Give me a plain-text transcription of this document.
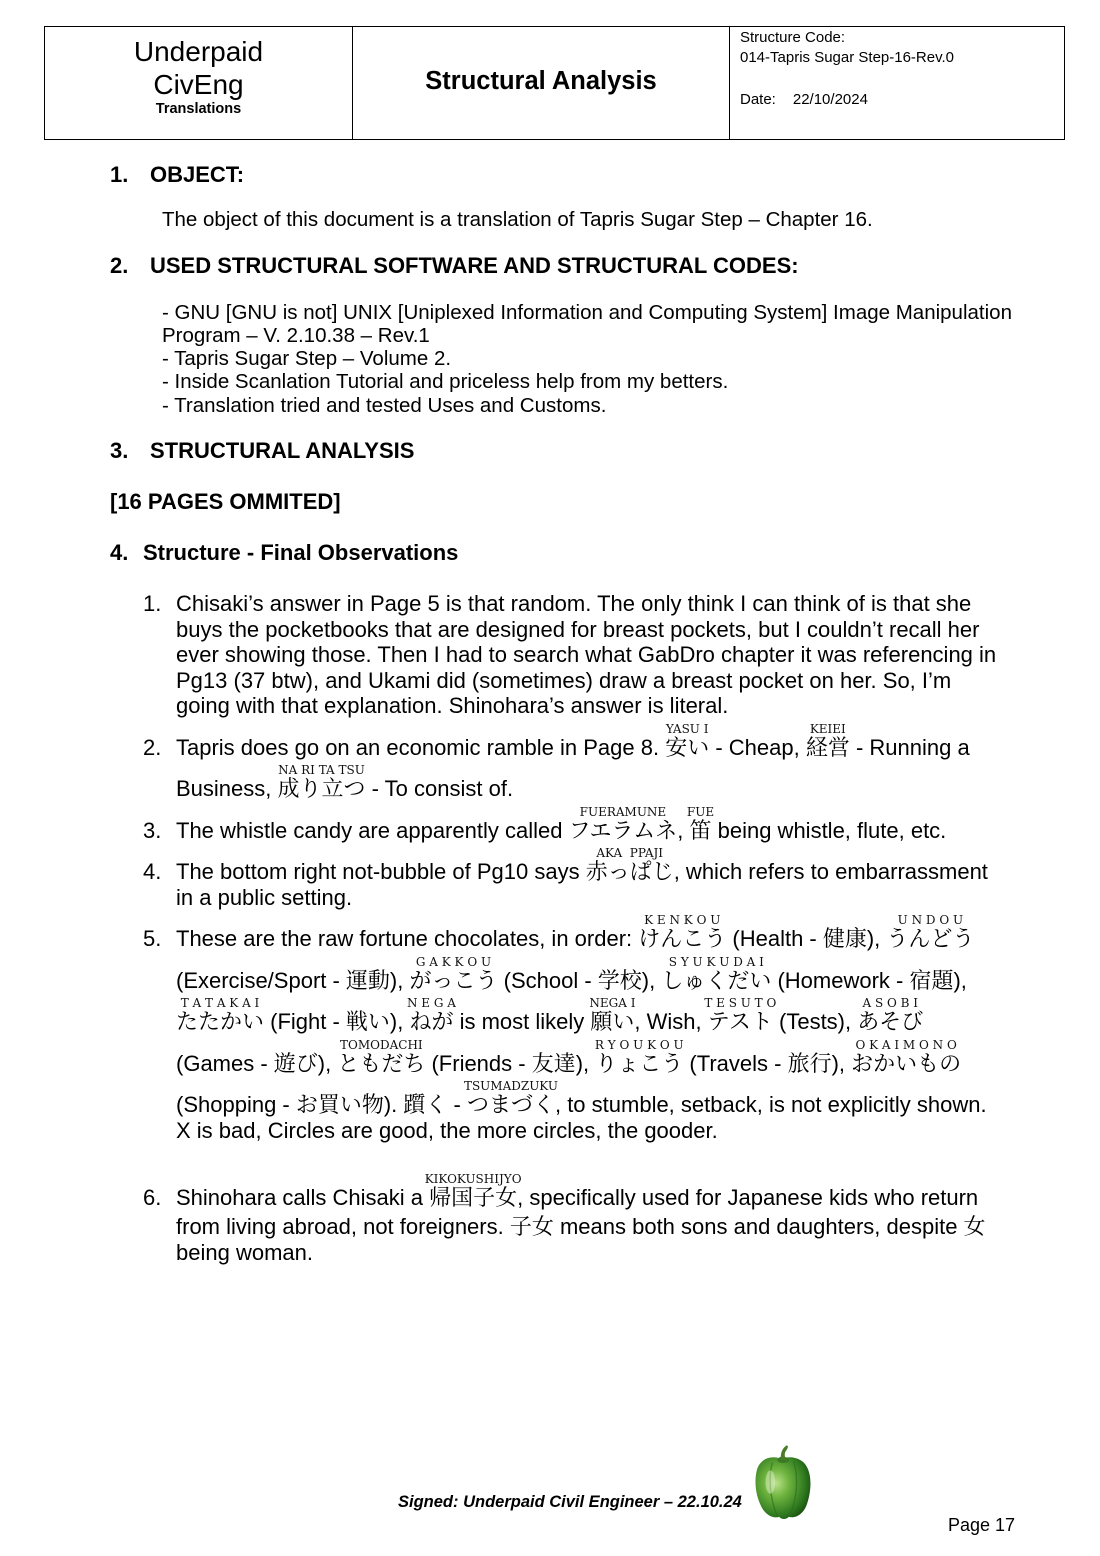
Underpaid
CivEng
Translations
Structural Analysis
Structure Code:
014-Tapris Sugar Step-16-Rev.0
Date: 22/10/2024
1. OBJECT:
The object of this document is a translation of Tapris Sugar Step – Chapter 16.
2. USED STRUCTURAL SOFTWARE AND STRUCTURAL CODES:
- GNU [GNU is not] UNIX [Uniplexed Information and Computing System] Image Manipulation
Program – V. 2.10.38 – Rev.1
- Tapris Sugar Step – Volume 2.
- Inside Scanlation Tutorial and priceless help from my betters.
- Translation tried and tested Uses and Customs.
3. STRUCTURAL ANALYSIS
[16 PAGES OMMITED]
4. Structure - Final Observations
1. Chisaki’s answer in Page 5 is that random. The only think I can think of is that she
buys the pocketbooks that are designed for breast pockets, but I couldn’t recall her
ever showing those. Then I had to search what GabDro chapter it was referencing in
Pg13 (37 btw), and Ukami did (sometimes) draw a breast pocket on her. So, I’m
going with that explanation. Shinohara’s answer is literal.
2. Tapris does go on an economic ramble in Page 8. 安い
YASU I
- Cheap, 経営
KEIEI
- Running a
Business, 成り立つ
NA RI TA TSU
- To consist of.
3. The whistle candy are apparently called フエラムネ
FUERAMUNE
, 笛
FUE
being whistle, flute, etc.
4. The bottom right not-bubble of Pg10 says 赤っぱじ
AKA  PPAJI
, which refers to embarrassment
in a public setting.
5. These are the raw fortune chocolates, in order: けんこう
K E N K O U
(Health - 健康), うんどう
U N D O U
(Exercise/Sport - 運動), がっこう
G A K K O U
(School - 学校), しゅくだい
S Y U K U D A I
(Homework - 宿題),
たたかい
T A T A K A I
(Fight - 戦い), ねが
N E G A
is most likely 願い
NEGA I
, Wish, テスト
T E S U T O
(Tests), あそび
A S O B I
(Games - 遊び), ともだち
TOMODACHI
(Friends - 友達), りょこう
R Y O U K O U
(Travels - 旅行), おかいもの
O K A I M O N O
(Shopping - お買い物). 躓く - つまづく
TSUMADZUKU
, to stumble, setback, is not explicitly shown.
X is bad, Circles are good, the more circles, the gooder.
6. Shinohara calls Chisaki a 帰国子女
KIKOKUSHIJYO
, specifically used for Japanese kids who return
from living abroad, not foreigners. 子女 means both sons and daughters, despite 女
being woman.
Signed: Underpaid Civil Engineer – 22.10.24
Page 17
